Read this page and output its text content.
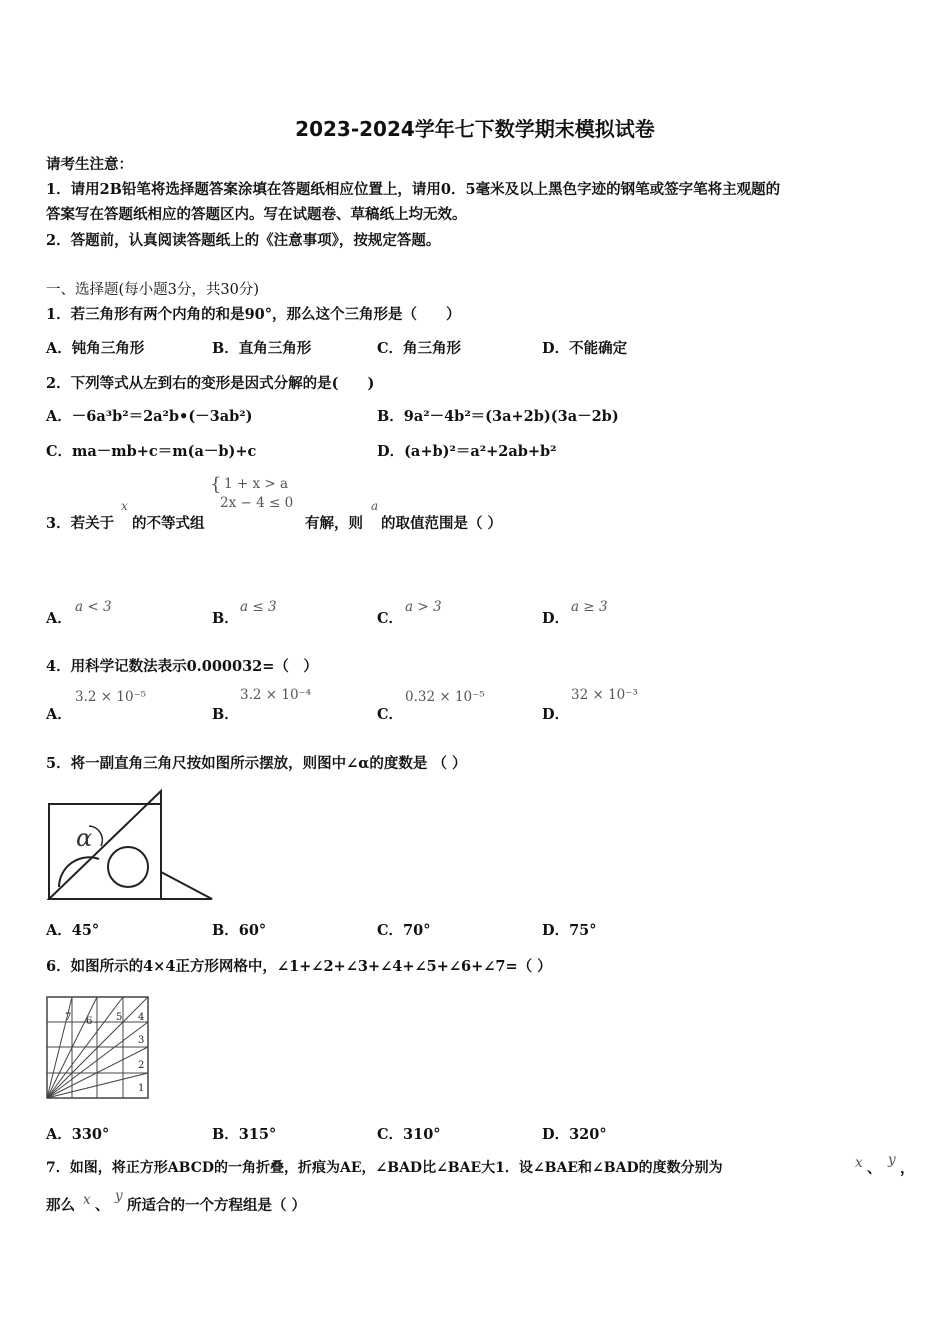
2023-2024学年七下数学期末模拟试卷
请考生注意：
1．请用2B铅笔将选择题答案涂填在答题纸相应位置上，请用0．5毫米及以上黑色字迹的钢笔或签字笔将主观题的
答案写在答题纸相应的答题区内。写在试题卷、草稿纸上均无效。
2．答题前，认真阅读答题纸上的《注意事项》，按规定答题。
一、选择题(每小题3分，共30分)
1．若三角形有两个内角的和是90°，那么这个三角形是（　　）
A．钝角三角形	B．直角三角形	C．角三角形	D．不能确定
2．下列等式从左到右的变形是因式分解的是(　　)
A．－6a³b²＝2a²b•(－3ab²)	B．9a²－4b²＝(3a+2b)(3a－2b)
C．ma－mb+c＝m(a－b)+c	D．(a+b)²＝a²+2ab+b²
3．若关于
x
的不等式组
{ 1 + x > a
2x − 4 ≤ 0
有解，则
a
的取值范围是（ ）
A．
a < 3
B．
a ≤ 3
C．
a > 3
D．
a ≥ 3
4．用科学记数法表示0.000032=（　）
A．
3.2 × 10⁻⁵
B．
3.2 × 10⁻⁴
C．
0.32 × 10⁻⁵
D．
32 × 10⁻³
5．将一副直角三角尺按如图所示摆放，则图中∠α的度数是 （ ）
α
A．45°	B．60°	C．70°	D．75°
6．如图所示的4×4正方形网格中，∠1+∠2+∠3+∠4+∠5+∠6+∠7=（ ）
1
2
3
4
5
6
7
A．330°	B．315°	C．310°	D．320°
7．如图，将正方形ABCD的一角折叠，折痕为AE，∠BAD比∠BAE大1．设∠BAE和∠BAD的度数分别为	x 、 y ，
那么 x 、
y
所适合的一个方程组是（ ）
